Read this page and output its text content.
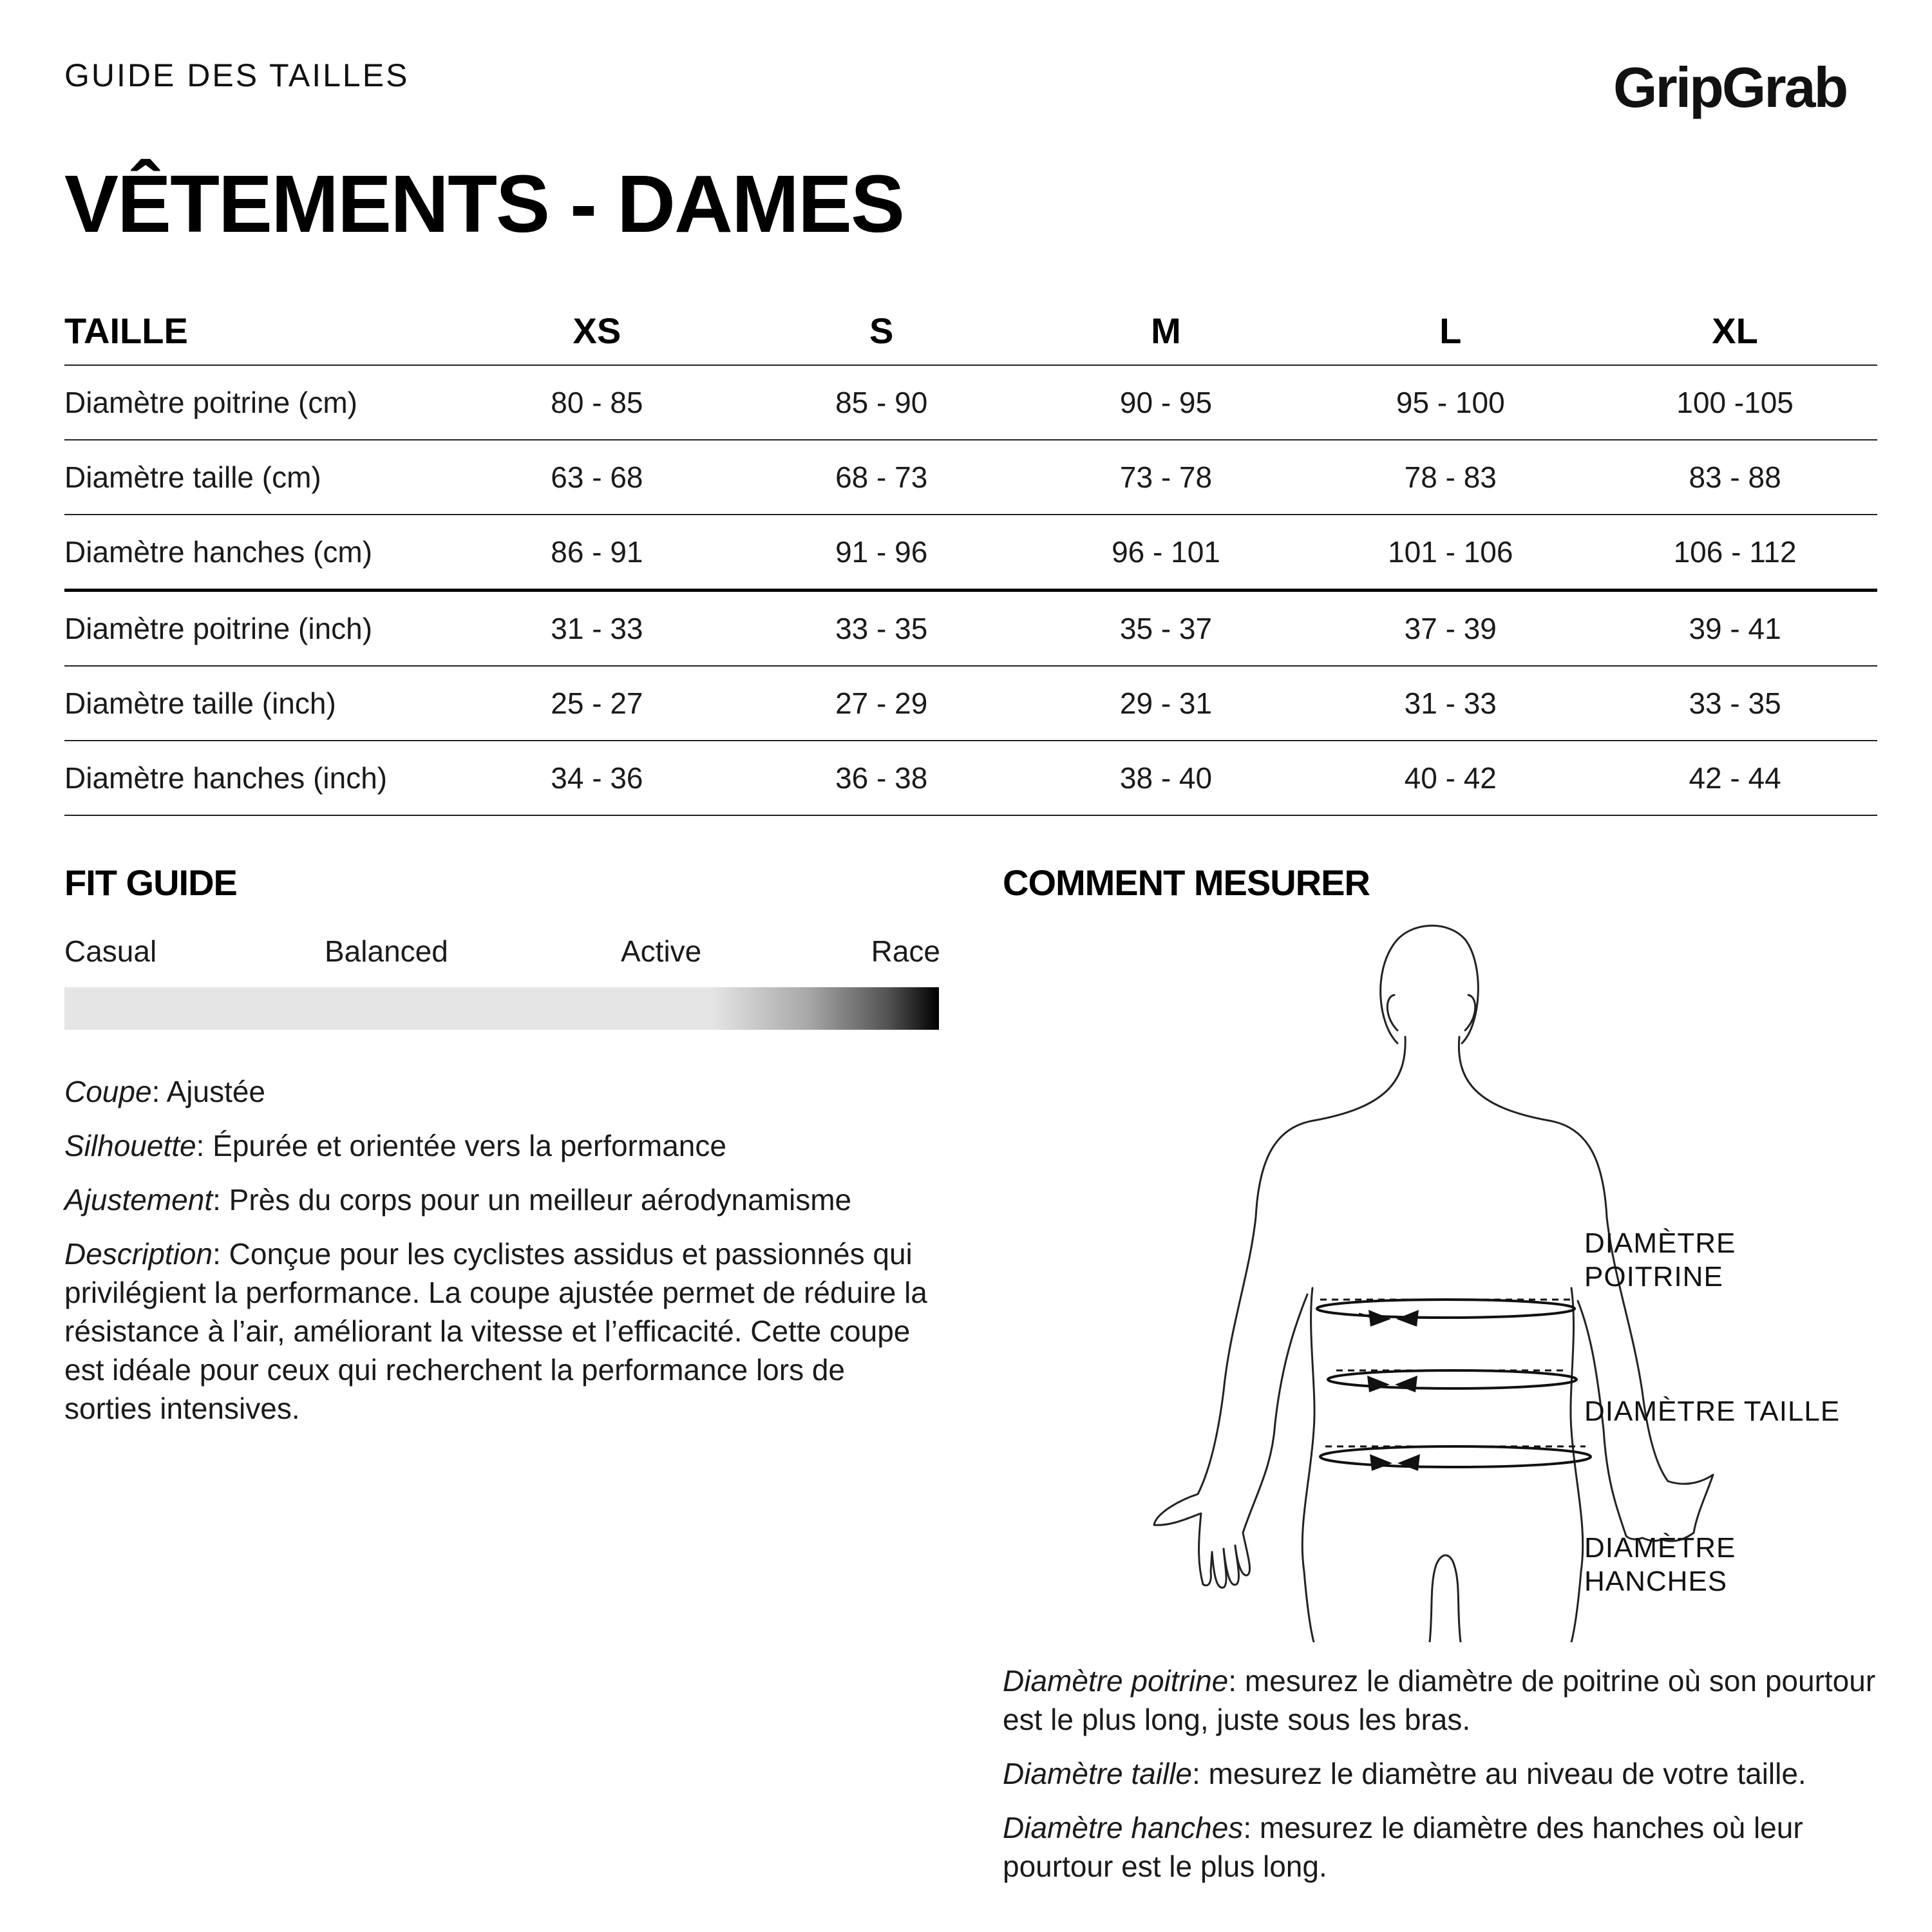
GUIDE DES TAILLES	GripGrab
VÊTEMENTS - DAMES
TAILLE	XS	S	M	L	XL
Diamètre poitrine (cm)	80 - 85	85 - 90	90 - 95	95 - 100	100 -105
Diamètre taille (cm)	63 - 68	68 - 73	73 - 78	78 - 83	83 - 88
Diamètre hanches (cm)	86 - 91	91 - 96	96 - 101	101 - 106	106 - 112
Diamètre poitrine (inch)	31 - 33	33 - 35	35 - 37	37 - 39	39 - 41
Diamètre taille (inch)	25 - 27	27 - 29	29 - 31	31 - 33	33 - 35
Diamètre hanches (inch)	34 - 36	36 - 38	38 - 40	40 - 42	42 - 44
FIT GUIDE
Casual	Balanced	Active	Race
Coupe: Ajustée
Silhouette: Épurée et orientée vers la performance
Ajustement: Près du corps pour un meilleur aérodynamisme
Description: Conçue pour les cyclistes assidus et passionnés qui privilégient la performance. La coupe ajustée permet de réduire la résistance à l’air, améliorant la vitesse et l’efficacité. Cette coupe est idéale pour ceux qui recherchent la performance lors de sorties intensives.
COMMENT MESURER
DIAMÈTRE
POITRINE
DIAMÈTRE TAILLE
DIAMÈTRE
HANCHES
Diamètre poitrine: mesurez le diamètre de poitrine où son pourtour est le plus long, juste sous les bras.
Diamètre taille: mesurez le diamètre au niveau de votre taille.
Diamètre hanches: mesurez le diamètre des hanches où leur pourtour est le plus long.
